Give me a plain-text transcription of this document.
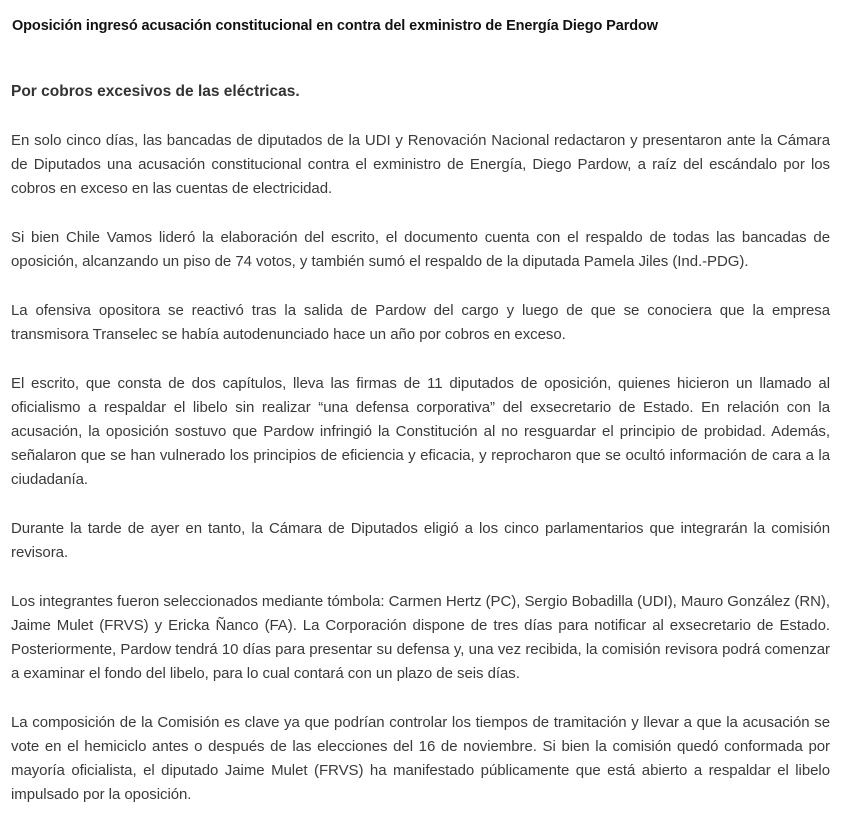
Oposición ingresó acusación constitucional en contra del exministro de Energía Diego Pardow
Por cobros excesivos de las eléctricas.

En solo cinco días, las bancadas de diputados de la UDI y Renovación Nacional redactaron y presentaron ante la Cámara de Diputados una acusación constitucional contra el exministro de Energía, Diego Pardow, a raíz del escándalo por los cobros en exceso en las cuentas de electricidad.

Si bien Chile Vamos lideró la elaboración del escrito, el documento cuenta con el respaldo de todas las bancadas de oposición, alcanzando un piso de 74 votos, y también sumó el respaldo de la diputada Pamela Jiles (Ind.-PDG).

La ofensiva opositora se reactivó tras la salida de Pardow del cargo y luego de que se conociera que la empresa transmisora Transelec se había autodenunciado hace un año por cobros en exceso.

El escrito, que consta de dos capítulos, lleva las firmas de 11 diputados de oposición, quienes hicieron un llamado al oficialismo a respaldar el libelo sin realizar “una defensa corporativa” del exsecretario de Estado. En relación con la acusación, la oposición sostuvo que Pardow infringió la Constitución al no resguardar el principio de probidad. Además, señalaron que se han vulnerado los principios de eficiencia y eficacia, y reprocharon que se ocultó información de cara a la ciudadanía.

Durante la tarde de ayer en tanto, la Cámara de Diputados eligió a los cinco parlamentarios que integrarán la comisión revisora.

Los integrantes fueron seleccionados mediante tómbola: Carmen Hertz (PC), Sergio Bobadilla (UDI), Mauro González (RN), Jaime Mulet (FRVS) y Ericka Ñanco (FA). La Corporación dispone de tres días para notificar al exsecretario de Estado. Posteriormente, Pardow tendrá 10 días para presentar su defensa y, una vez recibida, la comisión revisora podrá comenzar a examinar el fondo del libelo, para lo cual contará con un plazo de seis días.

La composición de la Comisión es clave ya que podrían controlar los tiempos de tramitación y llevar a que la acusación se vote en el hemiciclo antes o después de las elecciones del 16 de noviembre. Si bien la comisión quedó conformada por mayoría oficialista, el diputado Jaime Mulet (FRVS) ha manifestado públicamente que está abierto a respaldar el libelo impulsado por la oposición.
